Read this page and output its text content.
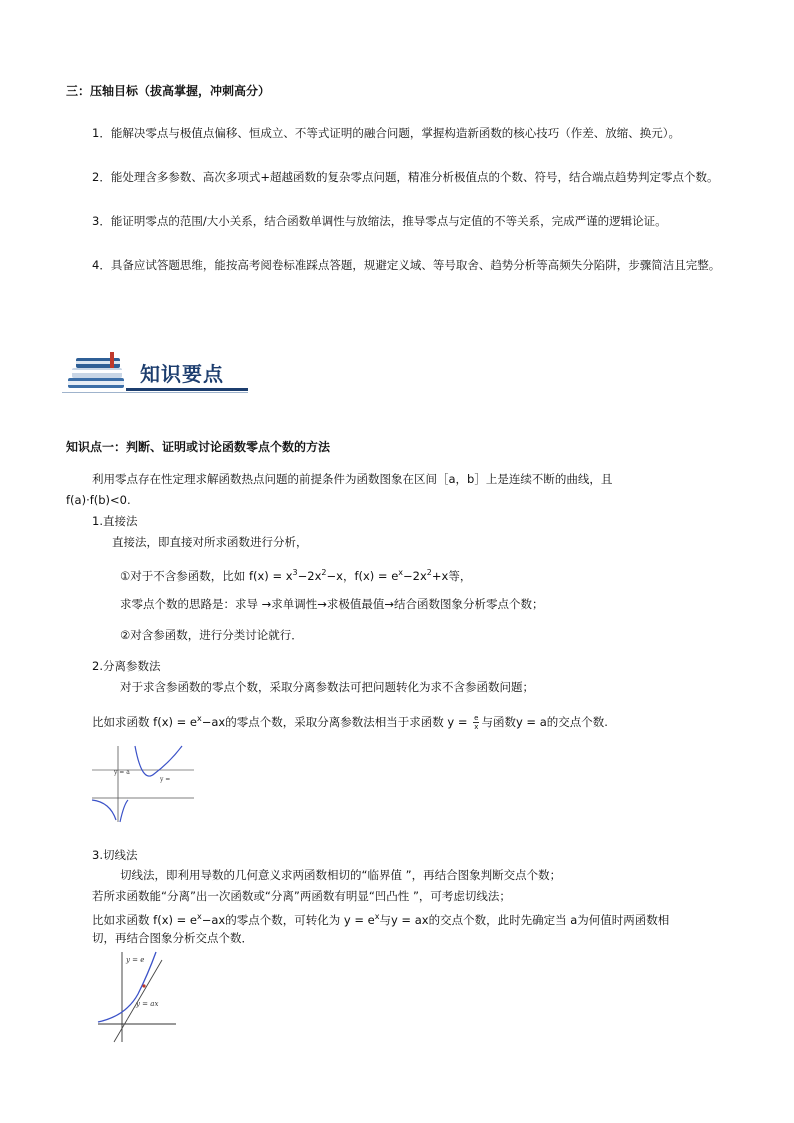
三：压轴目标（拔高掌握，冲刺高分）
1．能解决零点与极值点偏移、恒成立、不等式证明的融合问题，掌握构造新函数的核心技巧（作差、放缩、换元）。
2．能处理含多参数、高次多项式+超越函数的复杂零点问题，精准分析极值点的个数、符号，结合端点趋势判定零点个数。
3．能证明零点的范围/大小关系，结合函数单调性与放缩法，推导零点与定值的不等关系，完成严谨的逻辑论证。
4．具备应试答题思维，能按高考阅卷标准踩点答题，规避定义域、等号取舍、趋势分析等高频失分陷阱，步骤简洁且完整。
知识要点
知识点一：判断、证明或讨论函数零点个数的方法
利用零点存在性定理求解函数热点问题的前提条件为函数图象在区间［a，b］上是连续不断的曲线，且
f(a)·f(b)<0.
1.直接法
直接法，即直接对所求函数进行分析，
①对于不含参函数，比如 $f(x) = x^3-2x^2-x$，$f(x) = e^x-2x^2+x$等，
求零点个数的思路是：求导 →求单调性→求极值最值→结合函数图象分析零点个数；
②对含参函数，进行分类讨论就行．
2.分离参数法
对于求含参函数的零点个数，采取分离参数法可把问题转化为求不含参函数问题；
比如求函数 $f(x) = e^x-ax$的零点个数，采取分离参数法相当于求函数 $y = \frac{e}{x}$ 与函数y = a的交点个数.
y = a
y =
3.切线法
切线法，即利用导数的几何意义求两函数相切的“临界值 ”，再结合图象判断交点个数；
若所求函数能“分离”出一次函数或“分离”两函数有明显“凹凸性 ”，可考虑切线法；
比如求函数 $f(x) = e^x-ax$的零点个数，可转化为 $y = e^x$与y = ax的交点个数，此时先确定当 a为何值时两函数相
切，再结合图象分析交点个数．
y = e
y = ax
